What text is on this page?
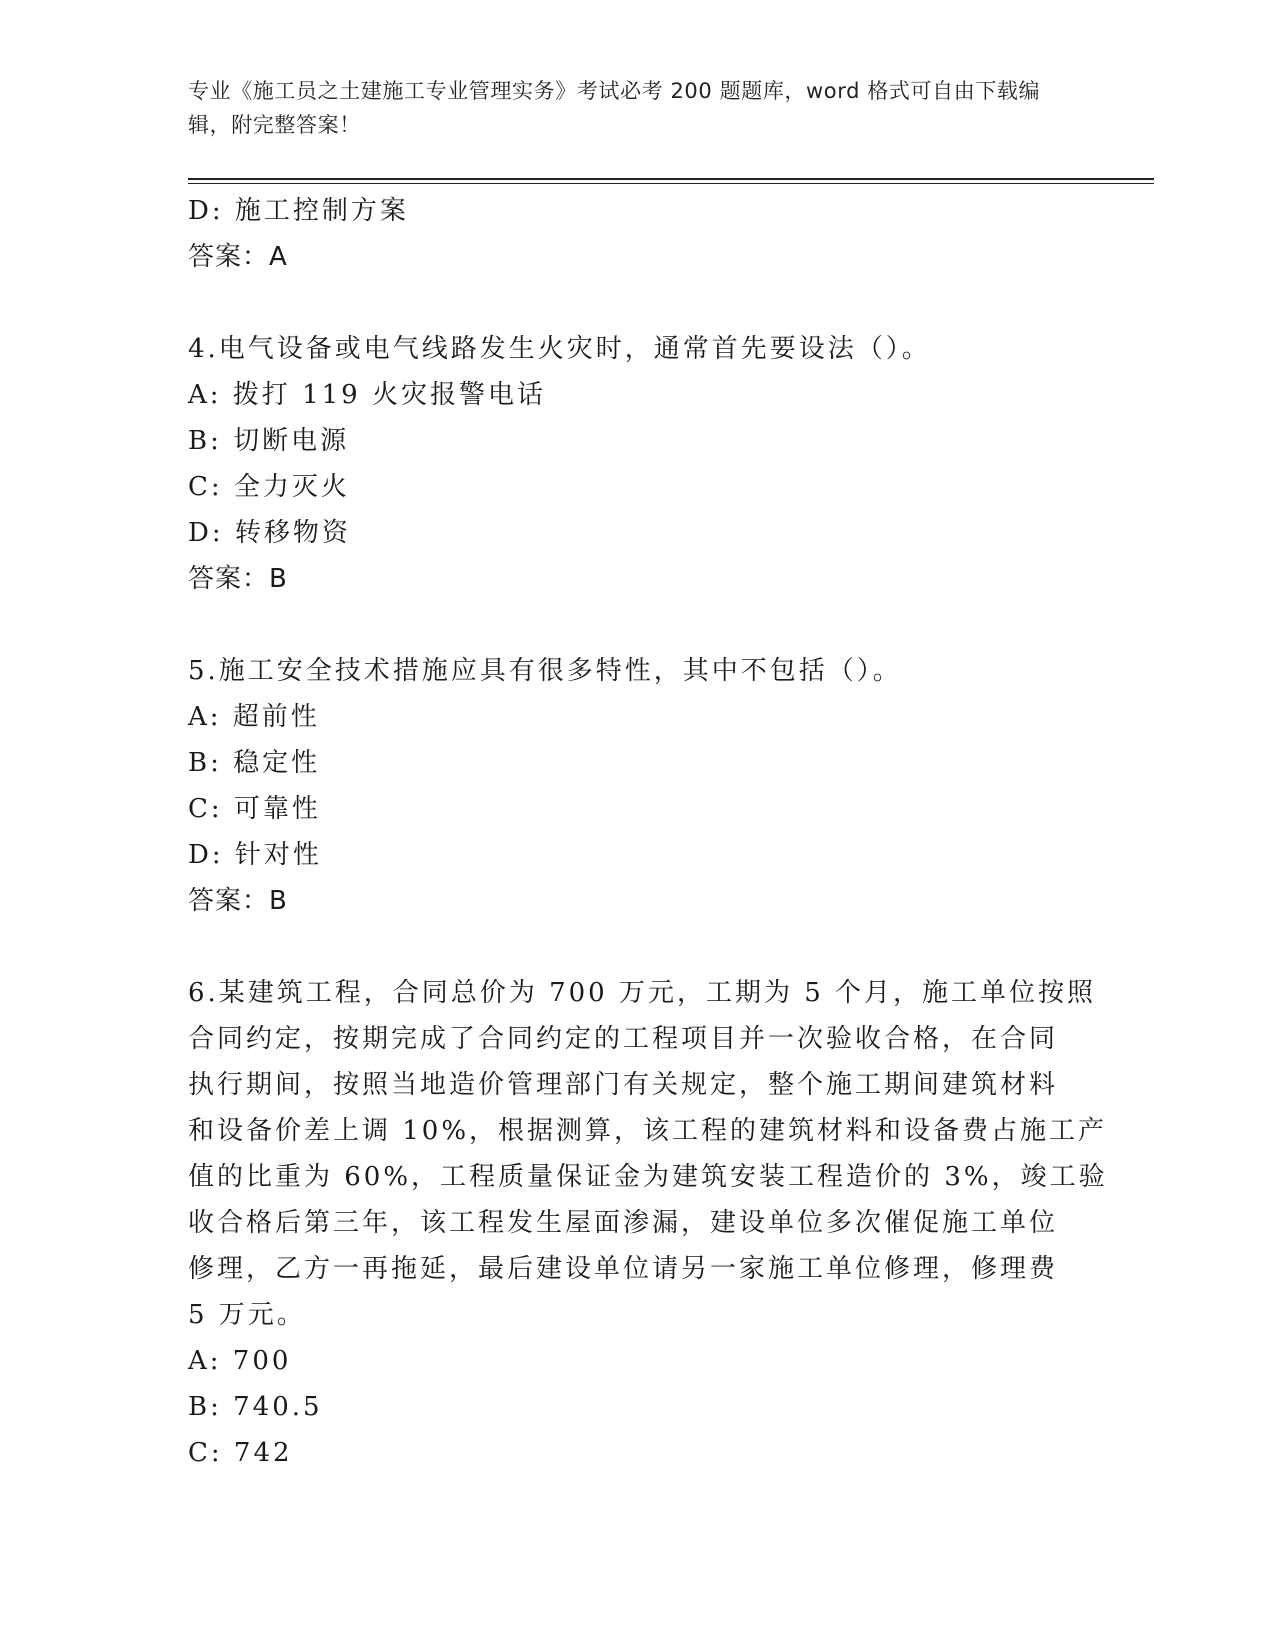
专业《施工员之土建施工专业管理实务》考试必考 200 题题库，word 格式可自由下载编辑，附完整答案！
D: 施工控制方案
答案：A
4.电气设备或电气线路发生火灾时，通常首先要设法（）。
A: 拨打 119 火灾报警电话
B: 切断电源
C: 全力灭火
D: 转移物资
答案：B
5.施工安全技术措施应具有很多特性，其中不包括（）。
A: 超前性
B: 稳定性
C: 可靠性
D: 针对性
答案：B
6.某建筑工程，合同总价为 700 万元，工期为 5 个月，施工单位按照
合同约定，按期完成了合同约定的工程项目并一次验收合格，在合同
执行期间，按照当地造价管理部门有关规定，整个施工期间建筑材料
和设备价差上调 10%，根据测算，该工程的建筑材料和设备费占施工产
值的比重为 60%，工程质量保证金为建筑安装工程造价的 3%，竣工验
收合格后第三年，该工程发生屋面渗漏，建设单位多次催促施工单位
修理，乙方一再拖延，最后建设单位请另一家施工单位修理，修理费
5 万元。
A: 700
B: 740.5
C: 742
